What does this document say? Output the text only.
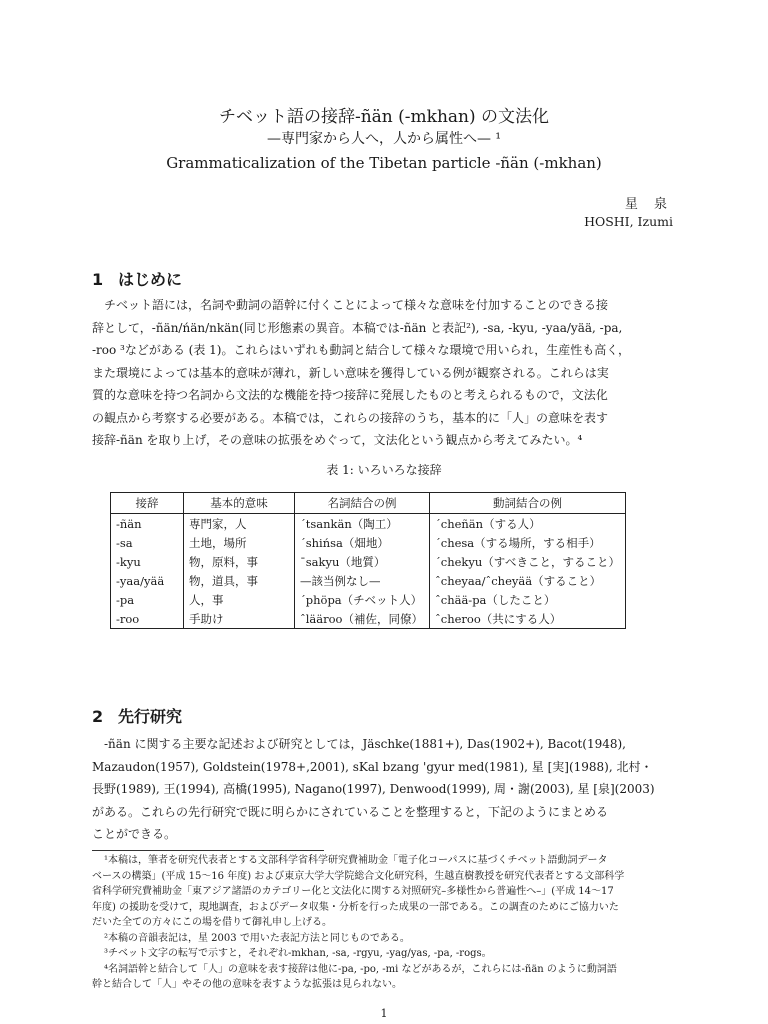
チベット語の接辞-ñän (-mkhan) の文法化
—専門家から人へ，人から属性へ— ¹
Grammaticalization of the Tibetan particle -ñän (-mkhan)
星 泉
HOSHI, Izumi
1 はじめに
チベット語には，名詞や動詞の語幹に付くことによって様々な意味を付加することのできる接
辞として，-ñän/ńän/nkän(同じ形態素の異音。本稿では-ñän と表記²), -sa, -kyu, -yaa/yää, -pa,
-roo ³などがある (表 1)。これらはいずれも動詞と結合して様々な環境で用いられ，生産性も高く，
また環境によっては基本的意味が薄れ，新しい意味を獲得している例が観察される。これらは実
質的な意味を持つ名詞から文法的な機能を持つ接辞に発展したものと考えられるもので，文法化
の観点から考察する必要がある。本稿では，これらの接辞のうち，基本的に「人」の意味を表す
接辞-ñän を取り上げ，その意味の拡張をめぐって，文法化という観点から考えてみたい。⁴
表 1: いろいろな接辞
接辞	基本的意味	名詞結合の例	動詞結合の例
-ñän	専門家，人	´tsankän（陶工）	´cheñän（する人）
-sa	土地，場所	´shińsa（畑地）	´chesa（する場所，する相手）
-kyu	物，原料，事	¯sakyu（地質）	´chekyu（すべきこと，すること）
-yaa/yää	物，道具，事	—該当例なし—	ˆcheyaa/ˆcheyää（すること）
-pa	人，事	´phöpa（チベット人）	ˆchää-pa（したこと）
-roo	手助け	ˆlääroo（補佐，同僚）	ˆcheroo（共にする人）
2 先行研究
-ñän に関する主要な記述および研究としては，Jäschke(1881+), Das(1902+), Bacot(1948),
Mazaudon(1957), Goldstein(1978+,2001), sKal bzang 'gyur med(1981), 星 [実](1988), 北村・
長野(1989), 王(1994), 高橋(1995), Nagano(1997), Denwood(1999), 周・謝(2003), 星 [泉](2003)
がある。これらの先行研究で既に明らかにされていることを整理すると，下記のようにまとめる
ことができる。
¹本稿は，筆者を研究代表者とする文部科学省科学研究費補助金「電子化コーパスに基づくチベット語動詞データ
ベースの構築」(平成 15〜16 年度) および東京大学大学院総合文化研究科，生越直樹教授を研究代表者とする文部科学
省科学研究費補助金「東アジア諸語のカテゴリー化と文法化に関する対照研究–多様性から普遍性へ–」(平成 14〜17
年度) の援助を受けて，現地調査，およびデータ収集・分析を行った成果の一部である。この調査のためにご協力いた
だいた全ての方々にこの場を借りて御礼申し上げる。
²本稿の音韻表記は，星 2003 で用いた表記方法と同じものである。
³チベット文字の転写で示すと，それぞれ-mkhan, -sa, -rgyu, -yag/yas, -pa, -rogs。
⁴名詞語幹と結合して「人」の意味を表す接辞は他に-pa, -po, -mi などがあるが，これらには-ñän のように動詞語
幹と結合して「人」やその他の意味を表すような拡張は見られない。
1
